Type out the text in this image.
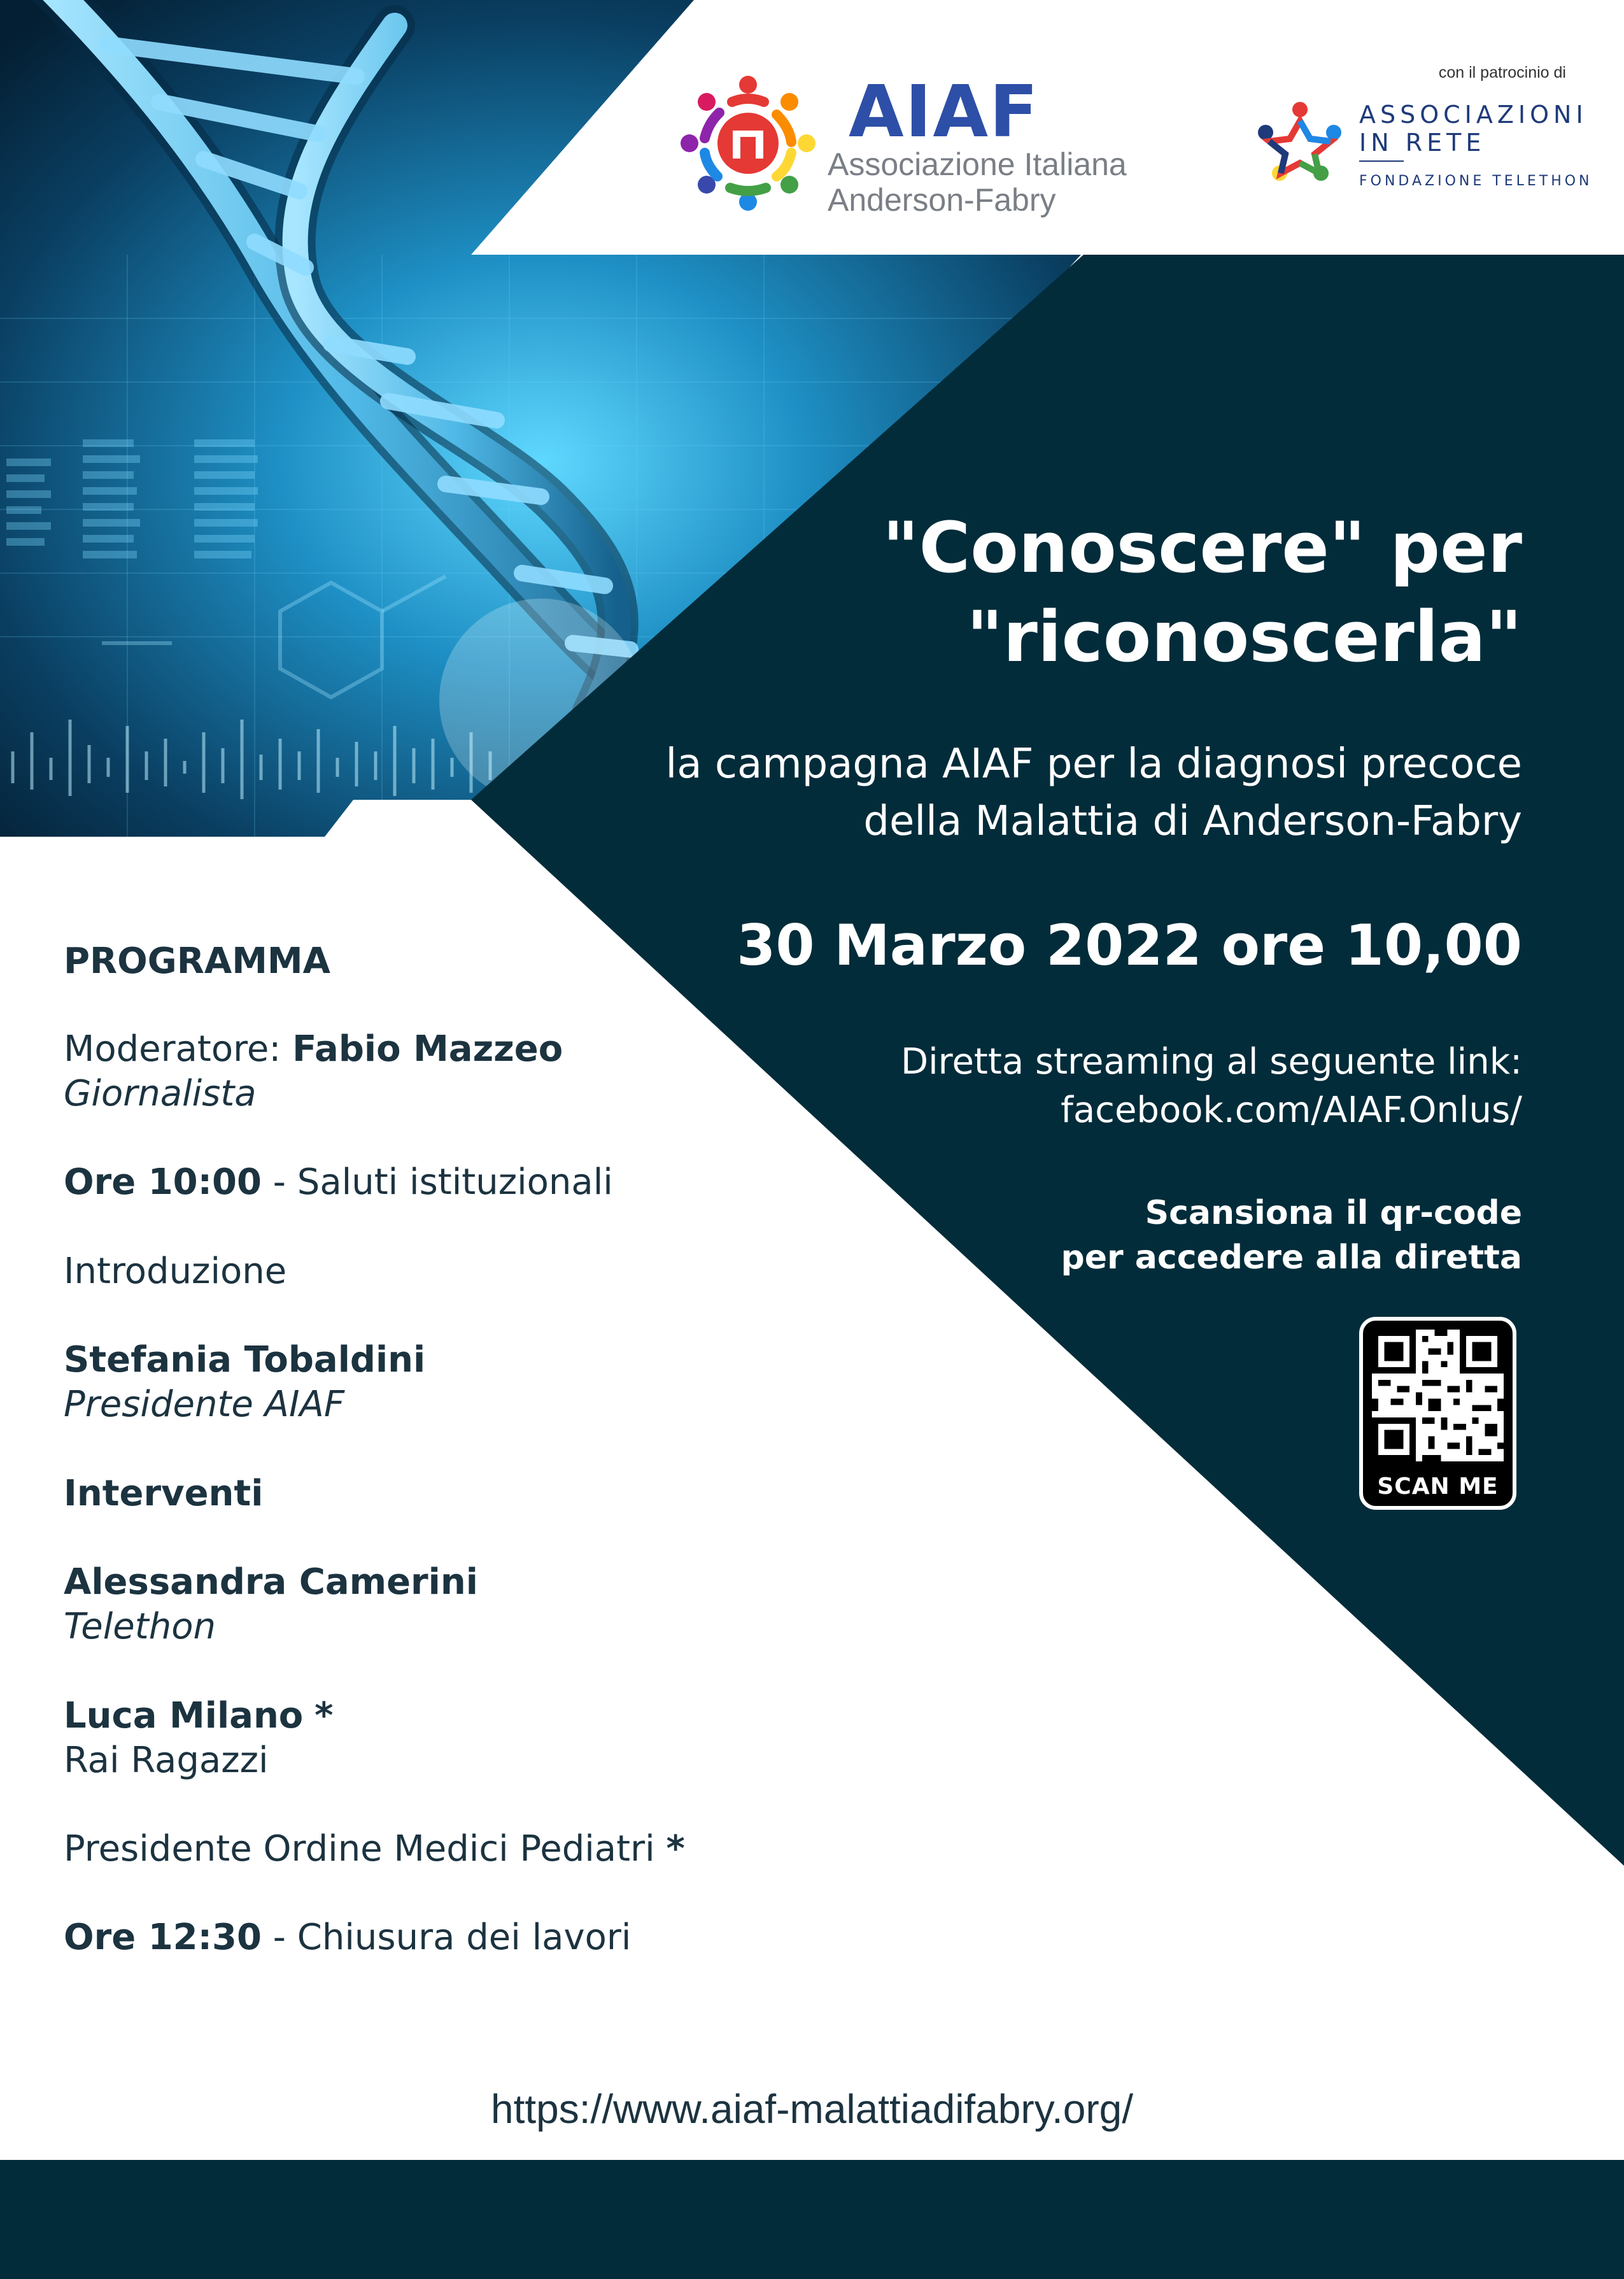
AIAF
Associazione Italiana
Anderson-Fabry
con il patrocinio di
ASSOCIAZIONI
IN RETE
FONDAZIONE TELETHON
"Conoscere" per
"riconoscerla"
la campagna AIAF per la diagnosi precoce
della Malattia di Anderson-Fabry
30 Marzo 2022 ore 10,00
Diretta streaming al seguente link:
facebook.com/AIAF.Onlus/
Scansiona il qr-code
per accedere alla diretta
SCAN ME
PROGRAMMA
Moderatore: Fabio Mazzeo
Giornalista
Ore 10:00 - Saluti istituzionali
Introduzione
Stefania Tobaldini
Presidente AIAF
Interventi
Alessandra Camerini
Telethon
Luca Milano *
Rai Ragazzi
Presidente Ordine Medici Pediatri *
Ore 12:30 - Chiusura dei lavori
https://www.aiaf-malattiadifabry.org/
